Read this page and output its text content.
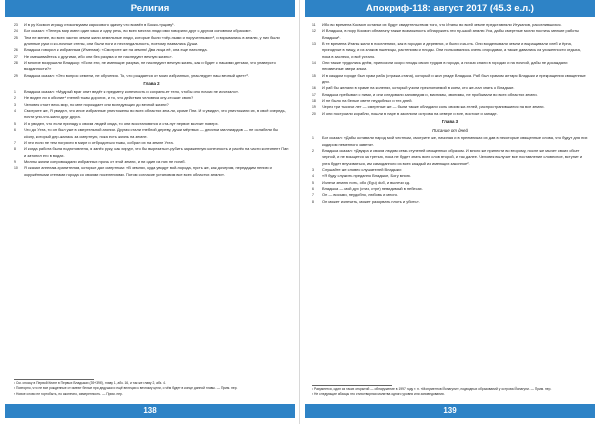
Религия
23 И в ру Космон играцу итоконкумим карксового здачну что возвёл в Бокко-тущову¹.
24 Бог сказал: «Теперь мир имел один язык и одну речь, во всех местах люди ими говорили друг с другом основном образом».
25 Тем не менее, во всех частях земли жили земельные люди, которые были «чёр-ными и порученными»², и взрывались в землю, у них были длинные руки и ко-ночные стены, они были ноги и нестандальность, поэтому назвались Души.
26 Владыка говорил к избранным (И'менам): «Смотрите же на землю! Два лица её, она еще наеследа.
27 Не смешивайтесь с другими, ибо они без разума и не наследуют вечную жизнь».
28 И многие возрушили Владыку: «Если эти, не имеющие разума, не наследуют вечную жизнь, как и будет с нашими детьми, что унаверсто возданности?»
29 Владыка сказал: «Это вопрос семени, не обучения. То, что рождается от моих избранных, унаследует наш вечный цвет»³.
Глава 2
1 Владыка сказал: «Мудрый враг опит ведёт к предмету конечность и сохраня-ет тело, чтобы оно ночью не исчезало».
2 Не видел ли я обилие⁴ гненей тьмы дорогих, и то, что действия человека опу-стошат свою?
3 Человек стоит весь мир, но мне порождает они вследующих до вечной жизни?
4 Смотрите же, Я увидел, что иное избранные уничтожены во всех областях зем-ли, кроме Пни. И я увидел, что уничтожили их, в своё очередь, почти уни-что-жили друг друга.
5 И я увидел, что если припаду к своим людей сюда, то они восстановятся и ста-нут первое молчит поверх.
6 Что до Ухта, то он был уже в смертельной агонии. Другая стали гнеблой дереву, души мёртвых — десятки миллиардов — не ослабели бы ко́злу, который дер-жалась за смертную, пока есть жизнь на земле.
7 И эти если не тем погрязти в мире и отбродиться тьмы, собрал их на земле Ухта.
8 И когда работа была подготовлена, я занёс руку, как хирург, что бы вырезатьот-рубить зараженную конечность и расrёк на части континент Пан и затопил его в водах.
9 Миллы жизни сопровождали избранных прочь от этой земли, и ни один из них не погиб.
10 Я сказал ангелам-хранителям, которые дал смертным: «В землях, куда увидут вой-порода, пусть же, как дочерям, передадим пению и окружёнными стенами города со своими поселениями. Потом согласие установим все всех областях земли».
¹ См. сноску в Первой Книге в Первых Владыках (39+39б), главу 1, абз. 16, и так же главу 2, абз. 4.
² Повторно, что не все рожденные от имеют белые при дедушки и ещё вплеции к вечному цели, о чём будет в конце данной главы. — Прим. пер.
³ Новое слово не гортобыть, по аконечно, измеренность. — Прим. пер.
138
Апокриф-118: август 2017 (45.3 е.л.)
11 Ибо во времена Космон останки их будут свидетельством того, что Итаны во всей земле представляли Итуканов, расселившихся.
12 И Владыка, в пору Космон обнаючну также возможность обнаружить эти пу-шкой землю Уха, дабы смертные могли постичь мелкие работы Владыки¹.
13 В те времена Итаны жили в поселениях, как в городах и деревнях, и были сча-сть. Они возделывали земли и выращивали хлеб и ёрна, пригодные в пищу, и из злаков пшеницы, растениям и плоды. Они пользовались очень огородами, а также давались из ухоженности отдыха, пока в заслеко, и всё устало.
14 Они также трудились днём, приносили скоро плоды своих трудов в города, а ночью спали в городах и на ночной, дабы не досаждали неизвечные звери злым.
15 И в каждом городе был храм раба (стражи-стана), который и жил унаде Владыка. Раб был храмом алтаря Владыки и прекращения священные дни.
16 И раб бы желали в храме на коленях, который учили преклоняемой в коем, кто же-лал знать о Владыке.
17 Владыка пребывал с ними, и они следовали заповедям и, виснимы, звонимы, не пробывали во всех областях земли.
18 И не было на белые свете неудобных и тех дней.
19 Через три тысячи лет — смертные же — были также обладали соль своим жи-телей, распространившиеся на все земли.
20 И они построили корабли, пошли в наре в заселили острова на севере и юге, востоке и западе.
Глава 3
Писание от дней
1 Бог сказал: «Дабы оставили народ мой честным, смотрите же, начиная и в преемниках их дав в некоторые священные слова, что будут для них кодиром неменного завета».
2 Владыка сказал: «Двукра и своим людям семь ступеней священных образом. И много же принести во второму, после же мычет своих сбьет черной, и не взыщется за третью, пока не будет знать всех слов второй, и так далее. Человек вылучит все поставление словесное, вступит и уэта будет внучиваться, им самоданного из всех каждый из имеющих законное².
3 Слушайте же словес слушателей Владыки:
4 «Я буду служить преданно Владыке, Богу мною.
5 Излечи землю ноть, обо (Egu) duб, и вылечи сд.
6 Владыка — мой дух (стиз, стре) невидимый в небесах.
7 Он — восьми, неудобно, любовь и много.
8 Он может излечить, может разорвать плоть и убить».
¹ Разумеется, один из таких открытий — обнаружение в 1997 году т. н. «Монументов Йонагуни», подводных образований у острова Йонагуни. — Прим. пер.
² Не следующие абзацы это стихотворная молитва одного уровня или заповедования.
139
